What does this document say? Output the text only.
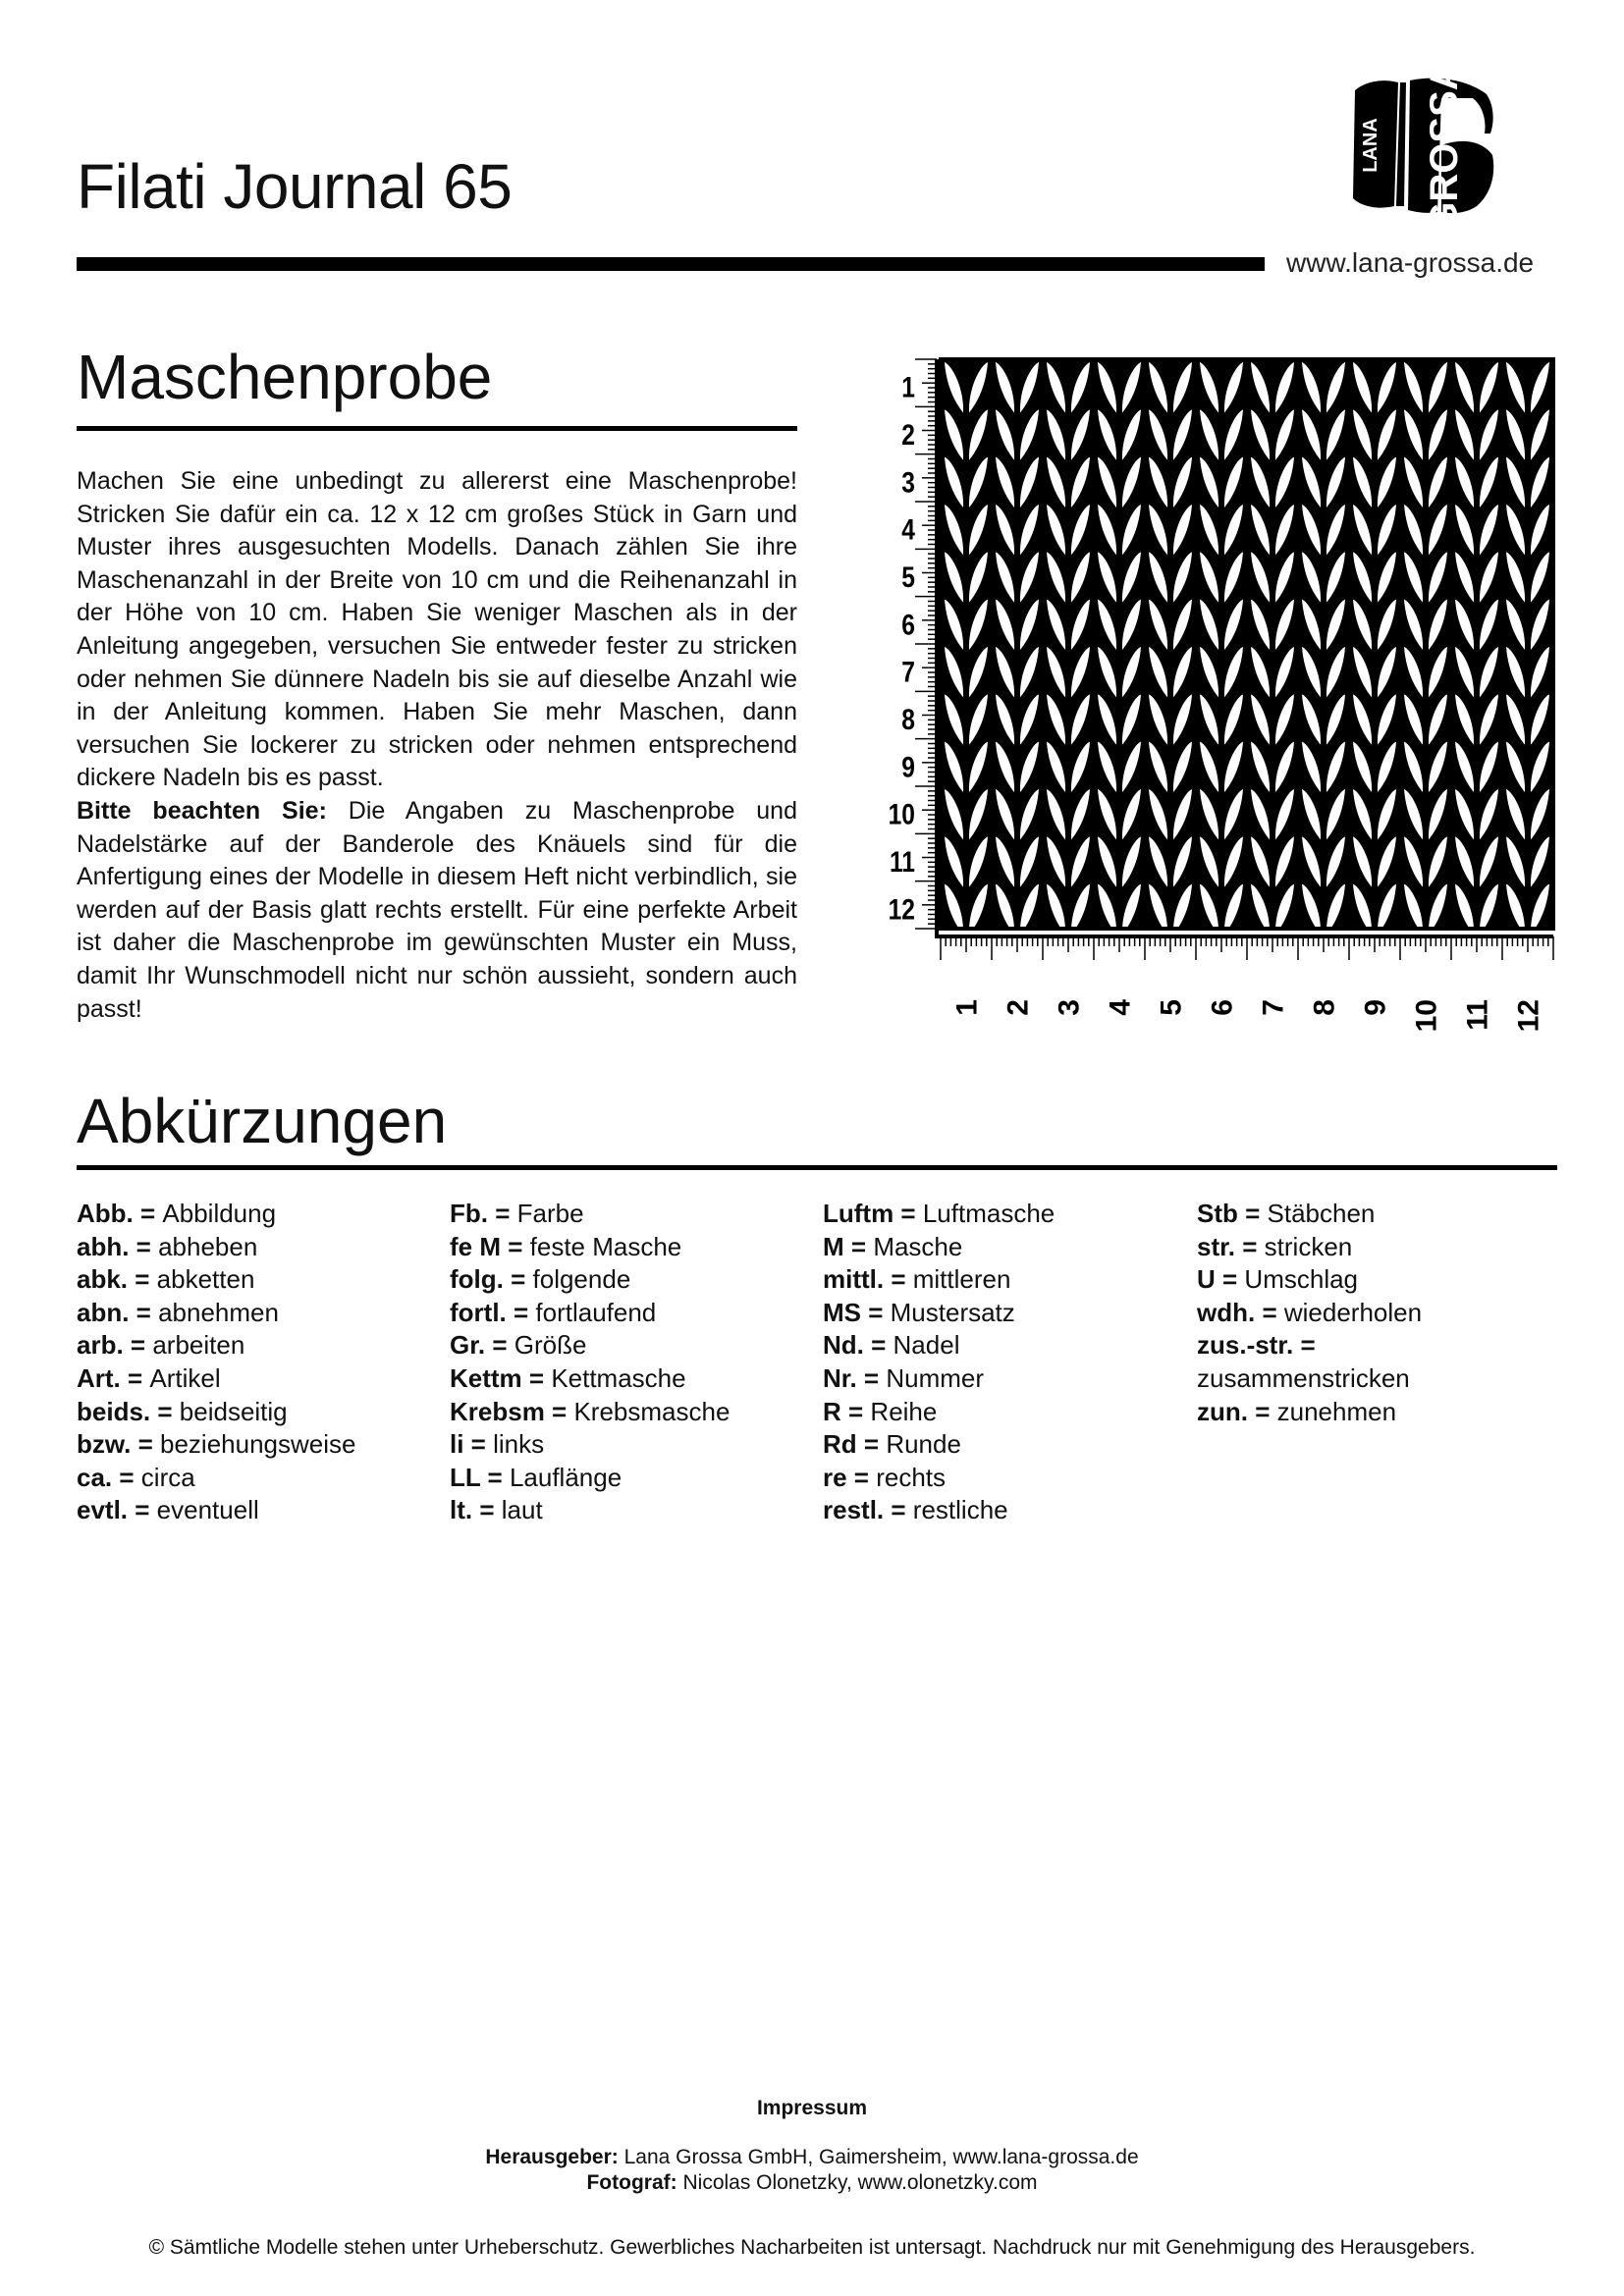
Filati Journal 65
www.lana-grossa.de
LANA GROSSA
Maschenprobe

Machen Sie eine unbedingt zu allererst eine Maschenprobe! Stricken Sie dafür ein ca. 12 x 12 cm großes Stück in Garn und Muster ihres ausgesuchten Modells. Danach zählen Sie ihre Maschenanzahl in der Breite von 10 cm und die Reihenanzahl in der Höhe von 10 cm. Haben Sie weniger Maschen als in der Anleitung angegeben, versuchen Sie entweder fester zu stricken oder nehmen Sie dünnere Nadeln bis sie auf dieselbe Anzahl wie in der Anleitung kommen. Haben Sie mehr Maschen, dann versuchen Sie lockerer zu stricken oder nehmen entsprechend dickere Nadeln bis es passt.

Bitte beachten Sie: Die Angaben zu Maschenprobe und Nadelstärke auf der Banderole des Knäuels sind für die Anfertigung eines der Modelle in diesem Heft nicht verbindlich, sie werden auf der Basis glatt rechts erstellt. Für eine perfekte Arbeit ist daher die Maschenprobe im gewünschten Muster ein Muss, damit Ihr Wunschmodell nicht nur schön aussieht, sondern auch passt!

1
2
3
4
5
6
7
8
9
10
11
12
1 2 3 4 5 6 7 8 9 10 11 12
Abkürzungen
Abb. = Abbildung
abh. = abheben
abk. = abketten
abn. = abnehmen
arb. = arbeiten
Art. = Artikel
beids. = beidseitig
bzw. = beziehungsweise
ca. = circa
evtl. = eventuell
Fb. = Farbe
fe M = feste Masche
folg. = folgende
fortl. = fortlaufend
Gr. = Größe
Kettm = Kettmasche
Krebsm = Krebsmasche
li = links
LL = Lauflänge
lt. = laut
Luftm = Luftmasche
M = Masche
mittl. = mittleren
MS = Mustersatz
Nd. = Nadel
Nr. = Nummer
R = Reihe
Rd = Runde
re = rechts
restl. = restliche
Stb = Stäbchen
str. = stricken
U = Umschlag
wdh. = wiederholen
zus.-str. =
zusammenstricken
zun. = zunehmen
Impressum
Herausgeber: Lana Grossa GmbH, Gaimersheim, www.lana-grossa.de
Fotograf: Nicolas Olonetzky, www.olonetzky.com
© Sämtliche Modelle stehen unter Urheberschutz. Gewerbliches Nacharbeiten ist untersagt. Nachdruck nur mit Genehmigung des Herausgebers.
